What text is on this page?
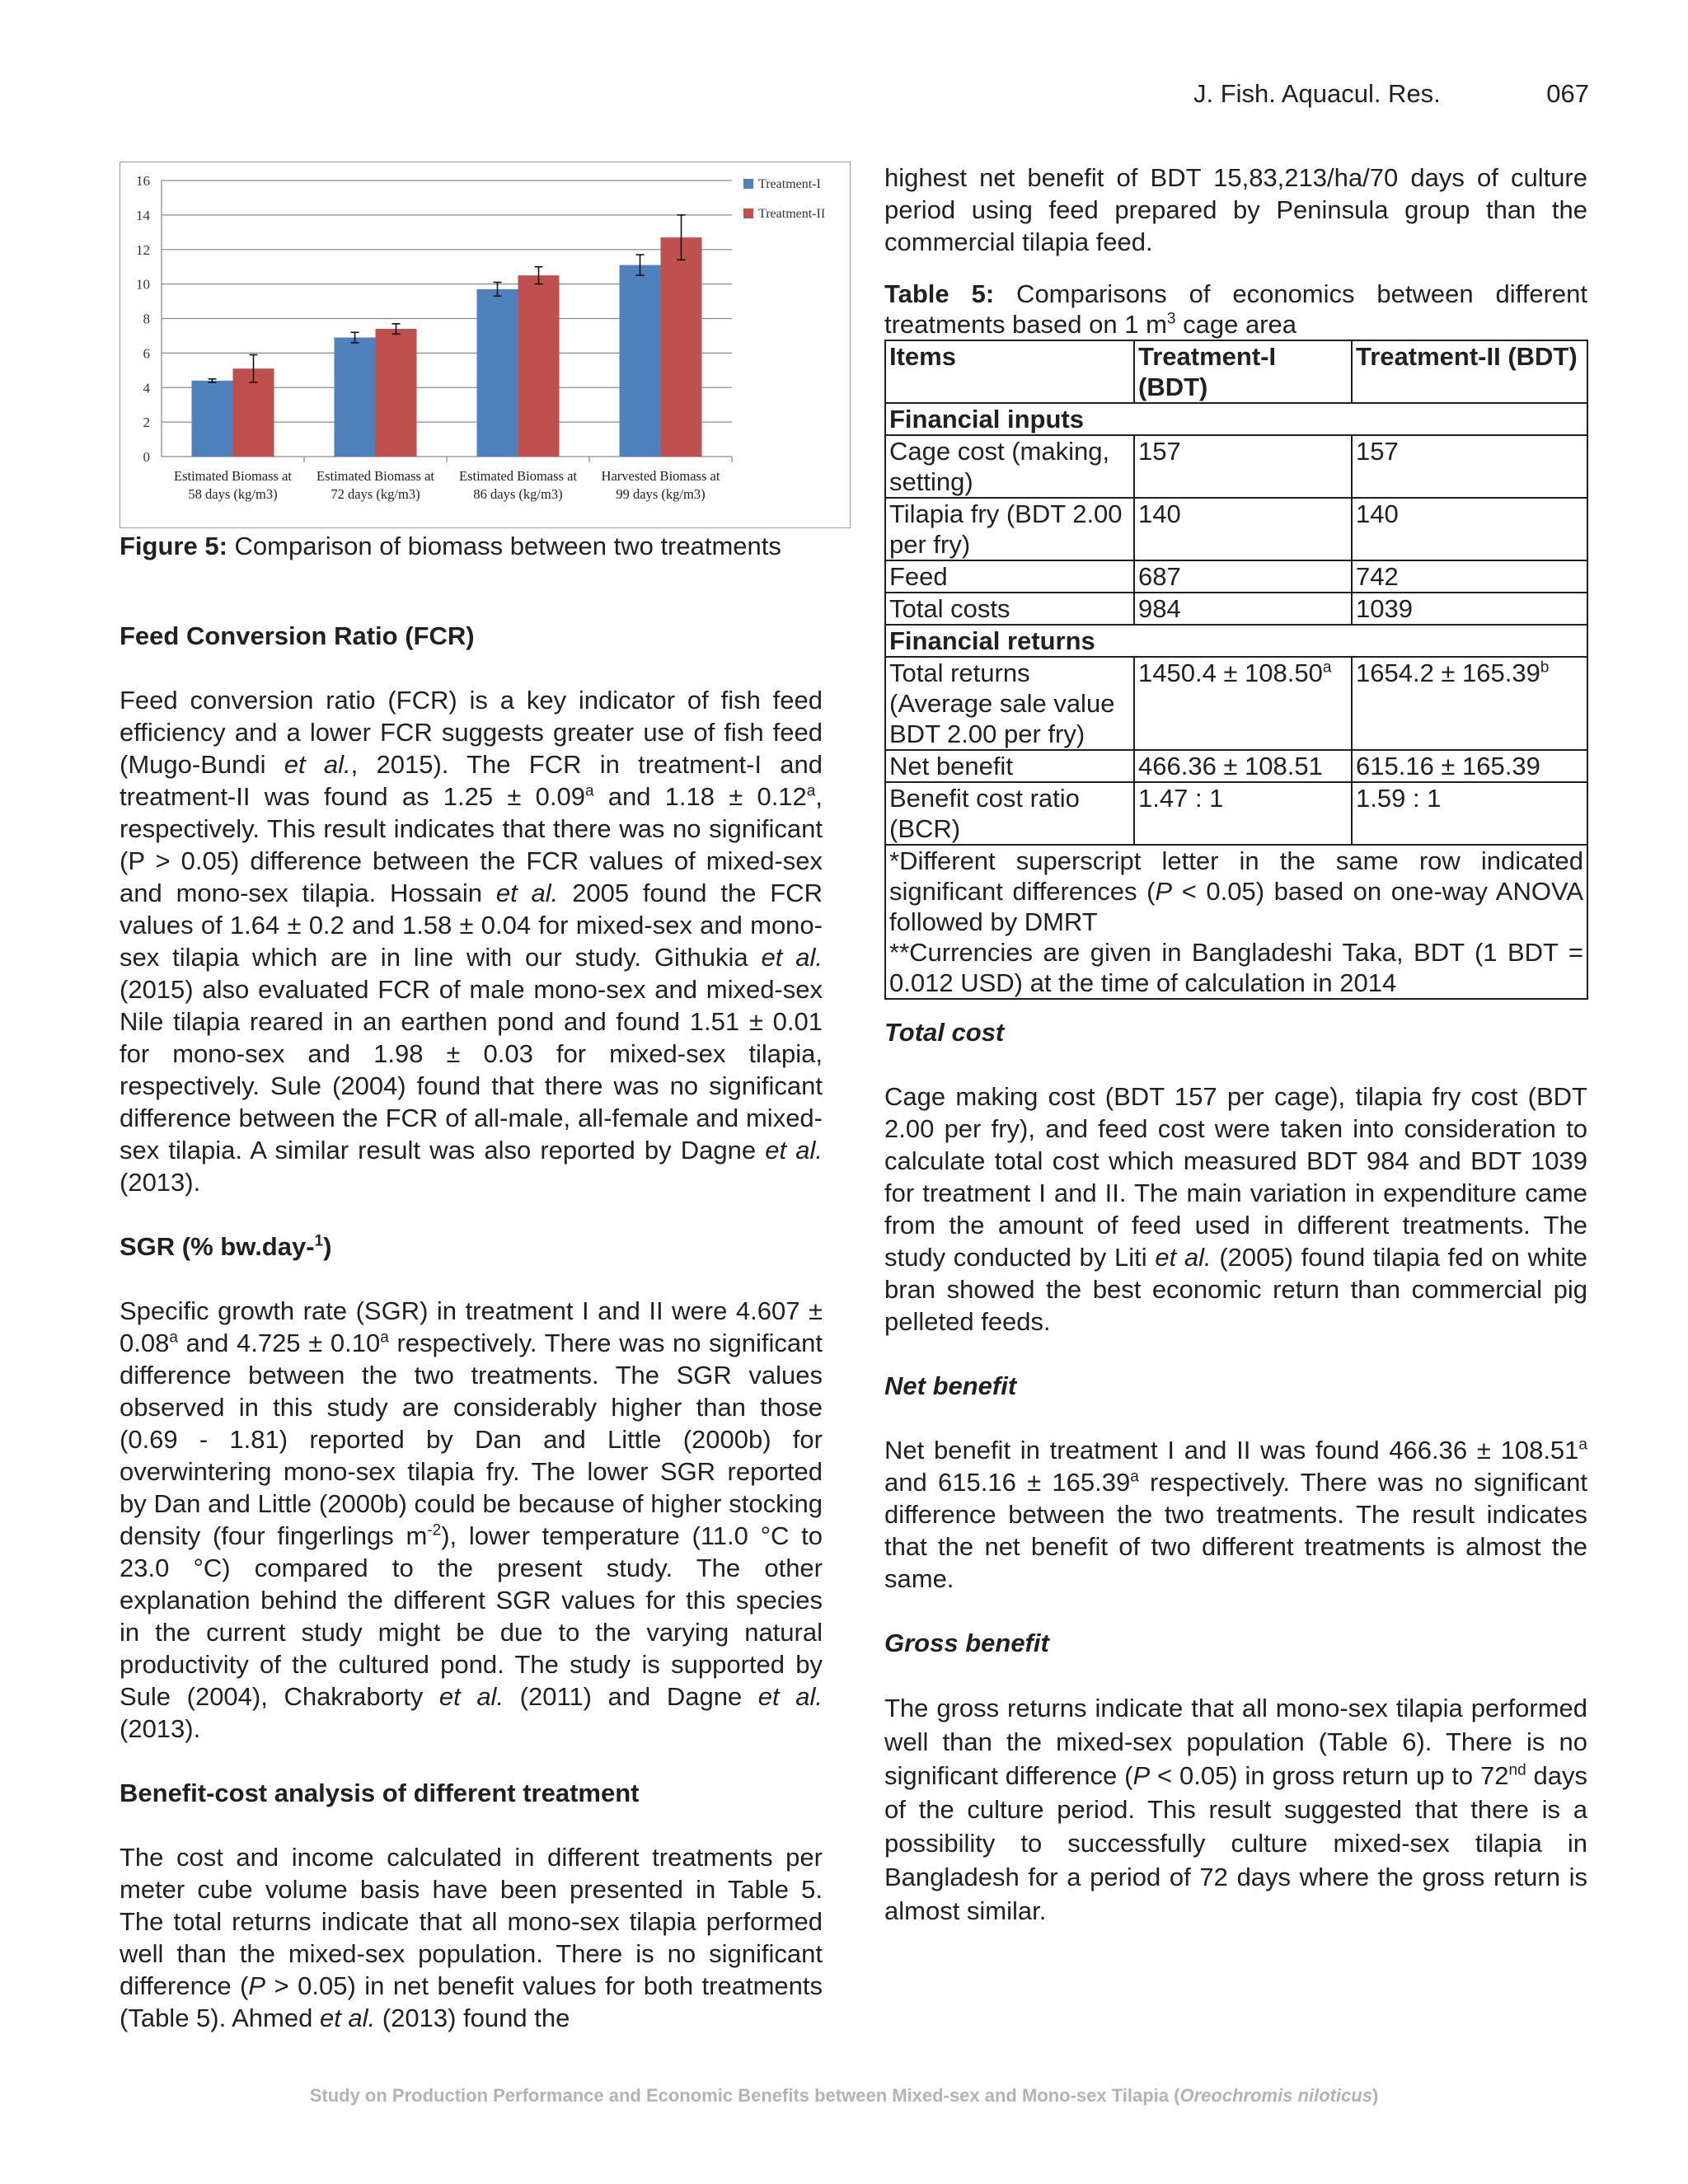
J. Fish. Aquacul. Res.	067
0
2
4
6
8
10
12
14
16
Estimated Biomass at
58 days (kg/m3)
Estimated Biomass at
72 days (kg/m3)
Estimated Biomass at
86 days (kg/m3)
Harvested Biomass at
99 days (kg/m3)
Treatment-I
Treatment-II

Figure 5: Comparison of biomass between two treatments

Feed Conversion Ratio (FCR)

Feed conversion ratio (FCR) is a key indicator of fish feed efficiency and a lower FCR suggests greater use of fish feed (Mugo-Bundi et al., 2015). The FCR in treatment-I and treatment-II was found as 1.25 ± 0.09$^a$ and 1.18 ± 0.12$^a$, respectively. This result indicates that there was no significant (P > 0.05) difference between the FCR values of mixed-sex and mono-sex tilapia. Hossain et al. 2005 found the FCR values of 1.64 ± 0.2 and 1.58 ± 0.04 for mixed-sex and mono-sex tilapia which are in line with our study. Githukia et al. (2015) also evaluated FCR of male mono-sex and mixed-sex Nile tilapia reared in an earthen pond and found 1.51 ± 0.01 for mono-sex and 1.98 ± 0.03 for mixed-sex tilapia, respectively. Sule (2004) found that there was no significant difference between the FCR of all-male, all-female and mixed-sex tilapia. A similar result was also reported by Dagne et al. (2013).

SGR (% bw.day-$^1$)

Specific growth rate (SGR) in treatment I and II were 4.607 ± 0.08$^a$ and 4.725 ± 0.10$^a$ respectively. There was no significant difference between the two treatments. The SGR values observed in this study are considerably higher than those (0.69 - 1.81) reported by Dan and Little (2000b) for overwintering mono-sex tilapia fry. The lower SGR reported by Dan and Little (2000b) could be because of higher stocking density (four fingerlings $m^{-2}$), lower temperature (11.0 °C to 23.0 °C) compared to the present study. The other explanation behind the different SGR values for this species in the current study might be due to the varying natural productivity of the cultured pond. The study is supported by Sule (2004), Chakraborty et al. (2011) and Dagne et al. (2013).

Benefit-cost analysis of different treatment

The cost and income calculated in different treatments per meter cube volume basis have been presented in Table 5. The total returns indicate that all mono-sex tilapia performed well than the mixed-sex population. There is no significant difference (P > 0.05) in net benefit values for both treatments (Table 5). Ahmed et al. (2013) found the

highest net benefit of BDT 15,83,213/ha/70 days of culture period using feed prepared by Peninsula group than the commercial tilapia feed.

Table 5: Comparisons of economics between different treatments based on 1 $m^3$ cage area

Items	Treatment-I (BDT)	Treatment-II (BDT)
Financial inputs		
Cage cost (making, setting)	157	157
Tilapia fry (BDT 2.00 per fry)	140	140
Feed	687	742
Total costs	984	1039
Financial returns		
Total returns (Average sale value BDT 2.00 per fry)	1450.4 ± 108.50$^a$	1654.2 ± 165.39$^b$
Net benefit	466.36 ± 108.51	615.16 ± 165.39
Benefit cost ratio (BCR)	1.47 : 1	1.59 : 1

*Different superscript letter in the same row indicated significant differences (P < 0.05) based on one-way ANOVA followed by DMRT
**Currencies are given in Bangladeshi Taka, BDT (1 BDT = 0.012 USD) at the time of calculation in 2014		

Total cost

Cage making cost (BDT 157 per cage), tilapia fry cost (BDT 2.00 per fry), and feed cost were taken into consideration to calculate total cost which measured BDT 984 and BDT 1039 for treatment I and II. The main variation in expenditure came from the amount of feed used in different treatments. The study conducted by Liti et al. (2005) found tilapia fed on white bran showed the best economic return than commercial pig pelleted feeds.

Net benefit

Net benefit in treatment I and II was found 466.36 ± 108.51$^a$ and 615.16 ± 165.39$^a$ respectively. There was no significant difference between the two treatments. The result indicates that the net benefit of two different treatments is almost the same.

Gross benefit

The gross returns indicate that all mono-sex tilapia performed well than the mixed-sex population (Table 6). There is no significant difference (P < 0.05) in gross return up to 72nd days of the culture period. This result suggested that there is a possibility to successfully culture mixed-sex tilapia in Bangladesh for a period of 72 days where the gross return is almost similar.

Study on Production Performance and Economic Benefits between Mixed-sex and Mono-sex Tilapia (Oreochromis niloticus)
